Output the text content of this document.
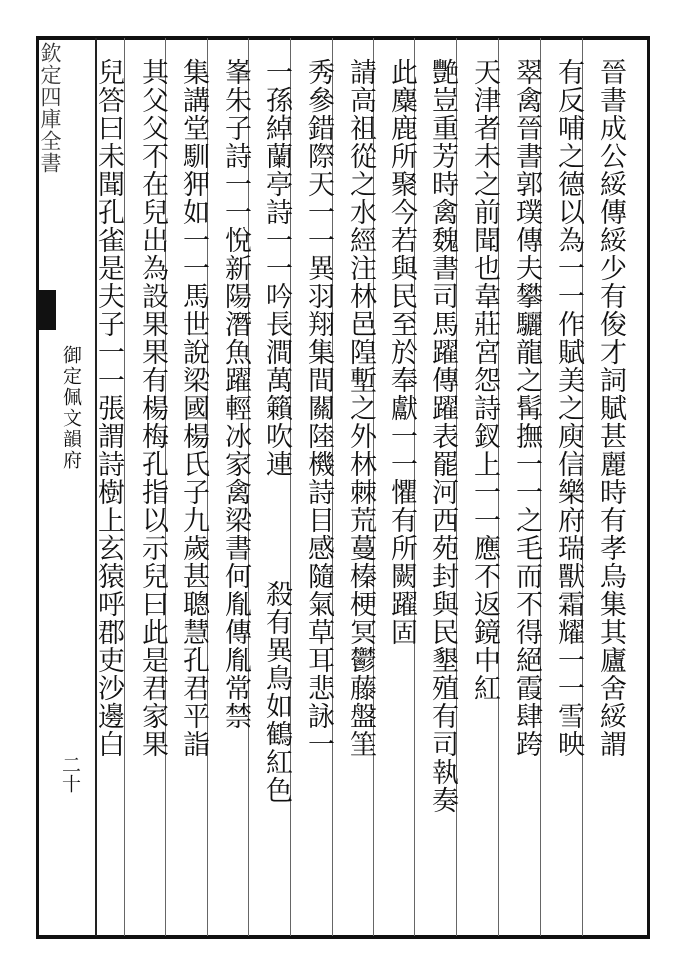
欽定四庫全書
御定佩文韻府
二十
晉書成公綏傳綏少有俊才詞賦甚麗時有孝烏集其廬舍綏謂
有反哺之德以為一一作賦美之庾信樂府瑞獸霜耀一一雪映
翠禽晉書郭璞傳夫攀驪龍之髯撫一一之毛而不得絕霞肆跨
天津者未之前聞也韋莊宮怨詩釵上一一應不返鏡中紅
艷豈重芳時禽魏書司馬躍傳躍表罷河西苑封與民墾殖有司執奏
此麋鹿所聚今若與民至於奉獻一一懼有所闕躍固
請高祖從之水經注林邑隍塹之外林棘荒蔓榛梗冥鬱藤盤筀
秀參錯際天一一異羽翔集間關陸機詩目感隨氣草耳悲詠一
一孫綽蘭亭詩一一吟長澗萬籟吹連
殺有異鳥如鶴紅色
峯朱子詩一一悅新陽潛魚躍輕冰家禽梁書何胤傳胤常禁
集講堂馴狎如一一馬世說梁國楊氏子九歲甚聰慧孔君平詣
其父父不在兒出為設果果有楊梅孔指以示兒曰此是君家果
兒答曰未聞孔雀是夫子一一張謂詩樹上玄猿呼郡吏沙邊白
